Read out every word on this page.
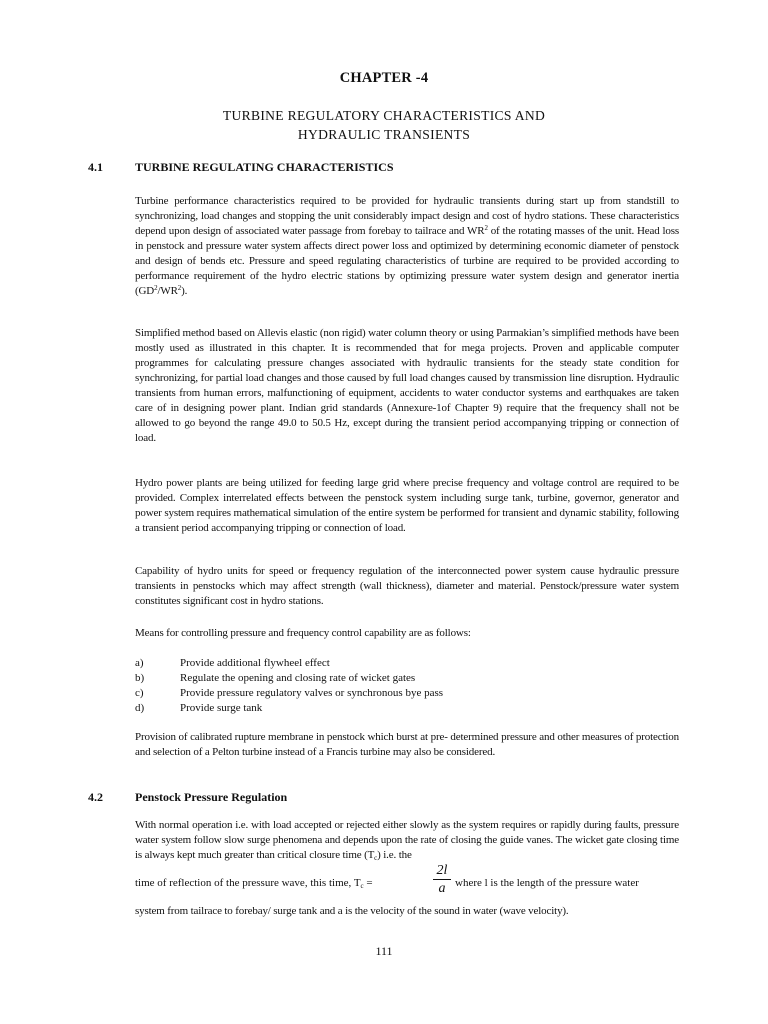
CHAPTER -4
TURBINE REGULATORY CHARACTERISTICS AND
HYDRAULIC TRANSIENTS
4.1	TURBINE REGULATING CHARACTERISTICS
Turbine performance characteristics required to be provided for hydraulic transients during start up from standstill to synchronizing, load changes and stopping the unit considerably impact design and cost of hydro stations. These characteristics depend upon design of associated water passage from forebay to tailrace and $WR^2$ of the rotating masses of the unit. Head loss in penstock and pressure water system affects direct power loss and optimized by determining economic diameter of penstock and design of bends etc. Pressure and speed regulating characteristics of turbine are required to be provided according to performance requirement of the hydro electric stations by optimizing pressure water system design and generator inertia $(GD^2/WR^2)$.
Simplified method based on Allevis elastic (non rigid) water column theory or using Parmakian’s simplified methods have been mostly used as illustrated in this chapter. It is recommended that for mega projects. Proven and applicable computer programmes for calculating pressure changes associated with hydraulic transients for the steady state condition for synchronizing, for partial load changes and those caused by full load changes caused by transmission line disruption. Hydraulic transients from human errors, malfunctioning of equipment, accidents to water conductor systems and earthquakes are taken care of in designing power plant. Indian grid standards (Annexure-1of Chapter 9) require that the frequency shall not be allowed to go beyond the range 49.0 to 50.5 Hz, except during the transient period accompanying tripping or connection of load.
Hydro power plants are being utilized for feeding large grid where precise frequency and voltage control are required to be provided. Complex interrelated effects between the penstock system including surge tank, turbine, governor, generator and power system requires mathematical simulation of the entire system be performed for transient and dynamic stability, following a transient period accompanying tripping or connection of load.
Capability of hydro units for speed or frequency regulation of the interconnected power system cause hydraulic pressure transients in penstocks which may affect strength (wall thickness), diameter and material. Penstock/pressure water system constitutes significant cost in hydro stations.
Means for controlling pressure and frequency control capability are as follows:
a)	Provide additional flywheel effect
b)	Regulate the opening and closing rate of wicket gates
c)	Provide pressure regulatory valves or synchronous bye pass
d)	Provide surge tank
Provision of calibrated rupture membrane in penstock which burst at pre- determined pressure and other measures of protection and selection of a Pelton turbine instead of a Francis turbine may also be considered.
4.2	Penstock Pressure Regulation
With normal operation i.e. with load accepted or rejected either slowly as the system requires or rapidly during faults, pressure water system follow slow surge phenomena and depends upon the rate of closing the guide vanes. The wicket gate closing time is always kept much greater than critical closure time $(T_c)$ i.e. the
time of reflection of the pressure wave, this time, $T_c$ =
2l
a where l is the length of the pressure water
system from tailrace to forebay/ surge tank and a is the velocity of the sound in water (wave velocity).
111
